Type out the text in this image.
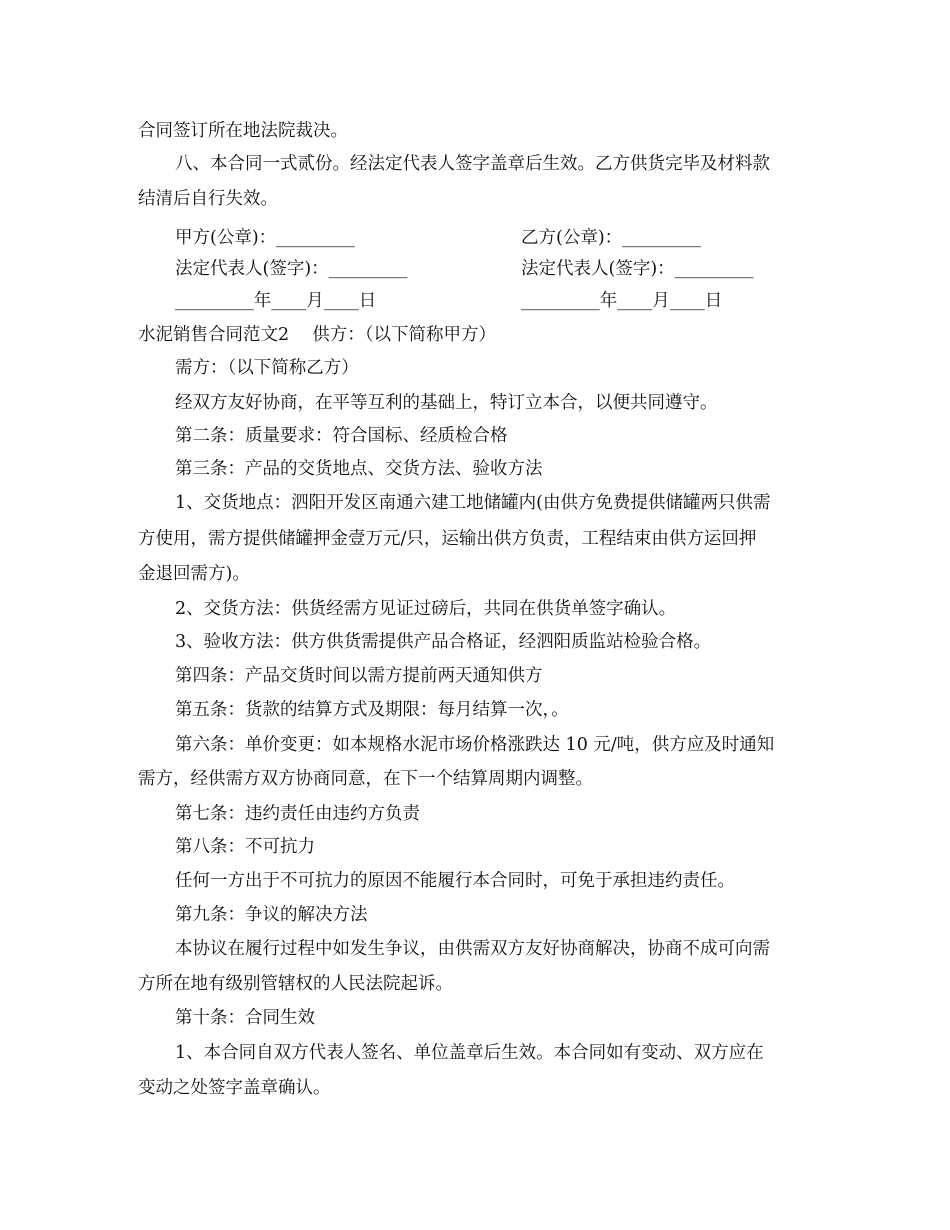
合同签订所在地法院裁决。
八、本合同一式贰份。经法定代表人签字盖章后生效。乙方供货完毕及材料款
结清后自行失效。
甲方(公章)：_________	乙方(公章)：_________
法定代表人(签字)：_________	法定代表人(签字)：_________
_________年____月____日	_________年____月____日
水泥销售合同范文2　 供方：（以下简称甲方）
需方：（以下简称乙方）
经双方友好协商，在平等互利的基础上，特订立本合，以便共同遵守。
第二条：质量要求：符合国标、经质检合格
第三条：产品的交货地点、交货方法、验收方法
1、交货地点：泗阳开发区南通六建工地储罐内(由供方免费提供储罐两只供需
方使用，需方提供储罐押金壹万元/只，运输出供方负责，工程结束由供方运回押
金退回需方)。
2、交货方法：供货经需方见证过磅后，共同在供货单签字确认。
3、验收方法：供方供货需提供产品合格证，经泗阳质监站检验合格。
第四条：产品交货时间以需方提前两天通知供方
第五条：货款的结算方式及期限：每月结算一次，。
第六条：单价变更：如本规格水泥市场价格涨跌达 10 元/吨，供方应及时通知
需方，经供需方双方协商同意，在下一个结算周期内调整。
第七条：违约责任由违约方负责
第八条：不可抗力
任何一方出于不可抗力的原因不能履行本合同时，可免于承担违约责任。
第九条：争议的解决方法
本协议在履行过程中如发生争议，由供需双方友好协商解决，协商不成可向需
方所在地有级别管辖权的人民法院起诉。
第十条：合同生效
1、本合同自双方代表人签名、单位盖章后生效。本合同如有变动、双方应在
变动之处签字盖章确认。
